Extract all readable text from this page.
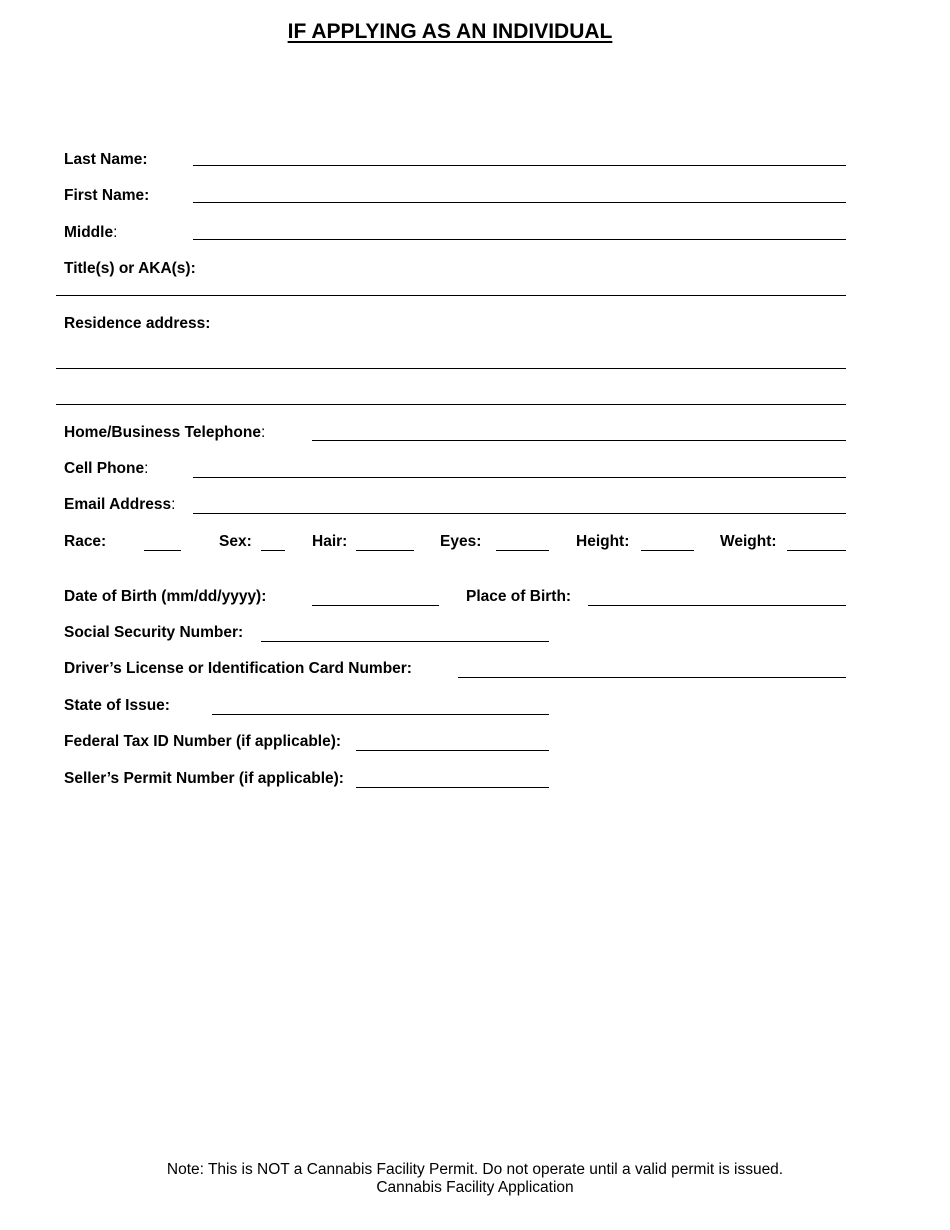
IF APPLYING AS AN INDIVIDUAL
Last Name:
First Name:
Middle:
Title(s) or AKA(s):
Residence address:
Home/Business Telephone:
Cell Phone:
Email Address:
Race:	Sex:	Hair:	Eyes:	Height:	Weight:
Date of Birth (mm/dd/yyyy):	Place of Birth:
Social Security Number:
Driver’s License or Identification Card Number:
State of Issue:
Federal Tax ID Number (if applicable):
Seller’s Permit Number (if applicable):
Note: This is NOT a Cannabis Facility Permit. Do not operate until a valid permit is issued.
Cannabis Facility Application
